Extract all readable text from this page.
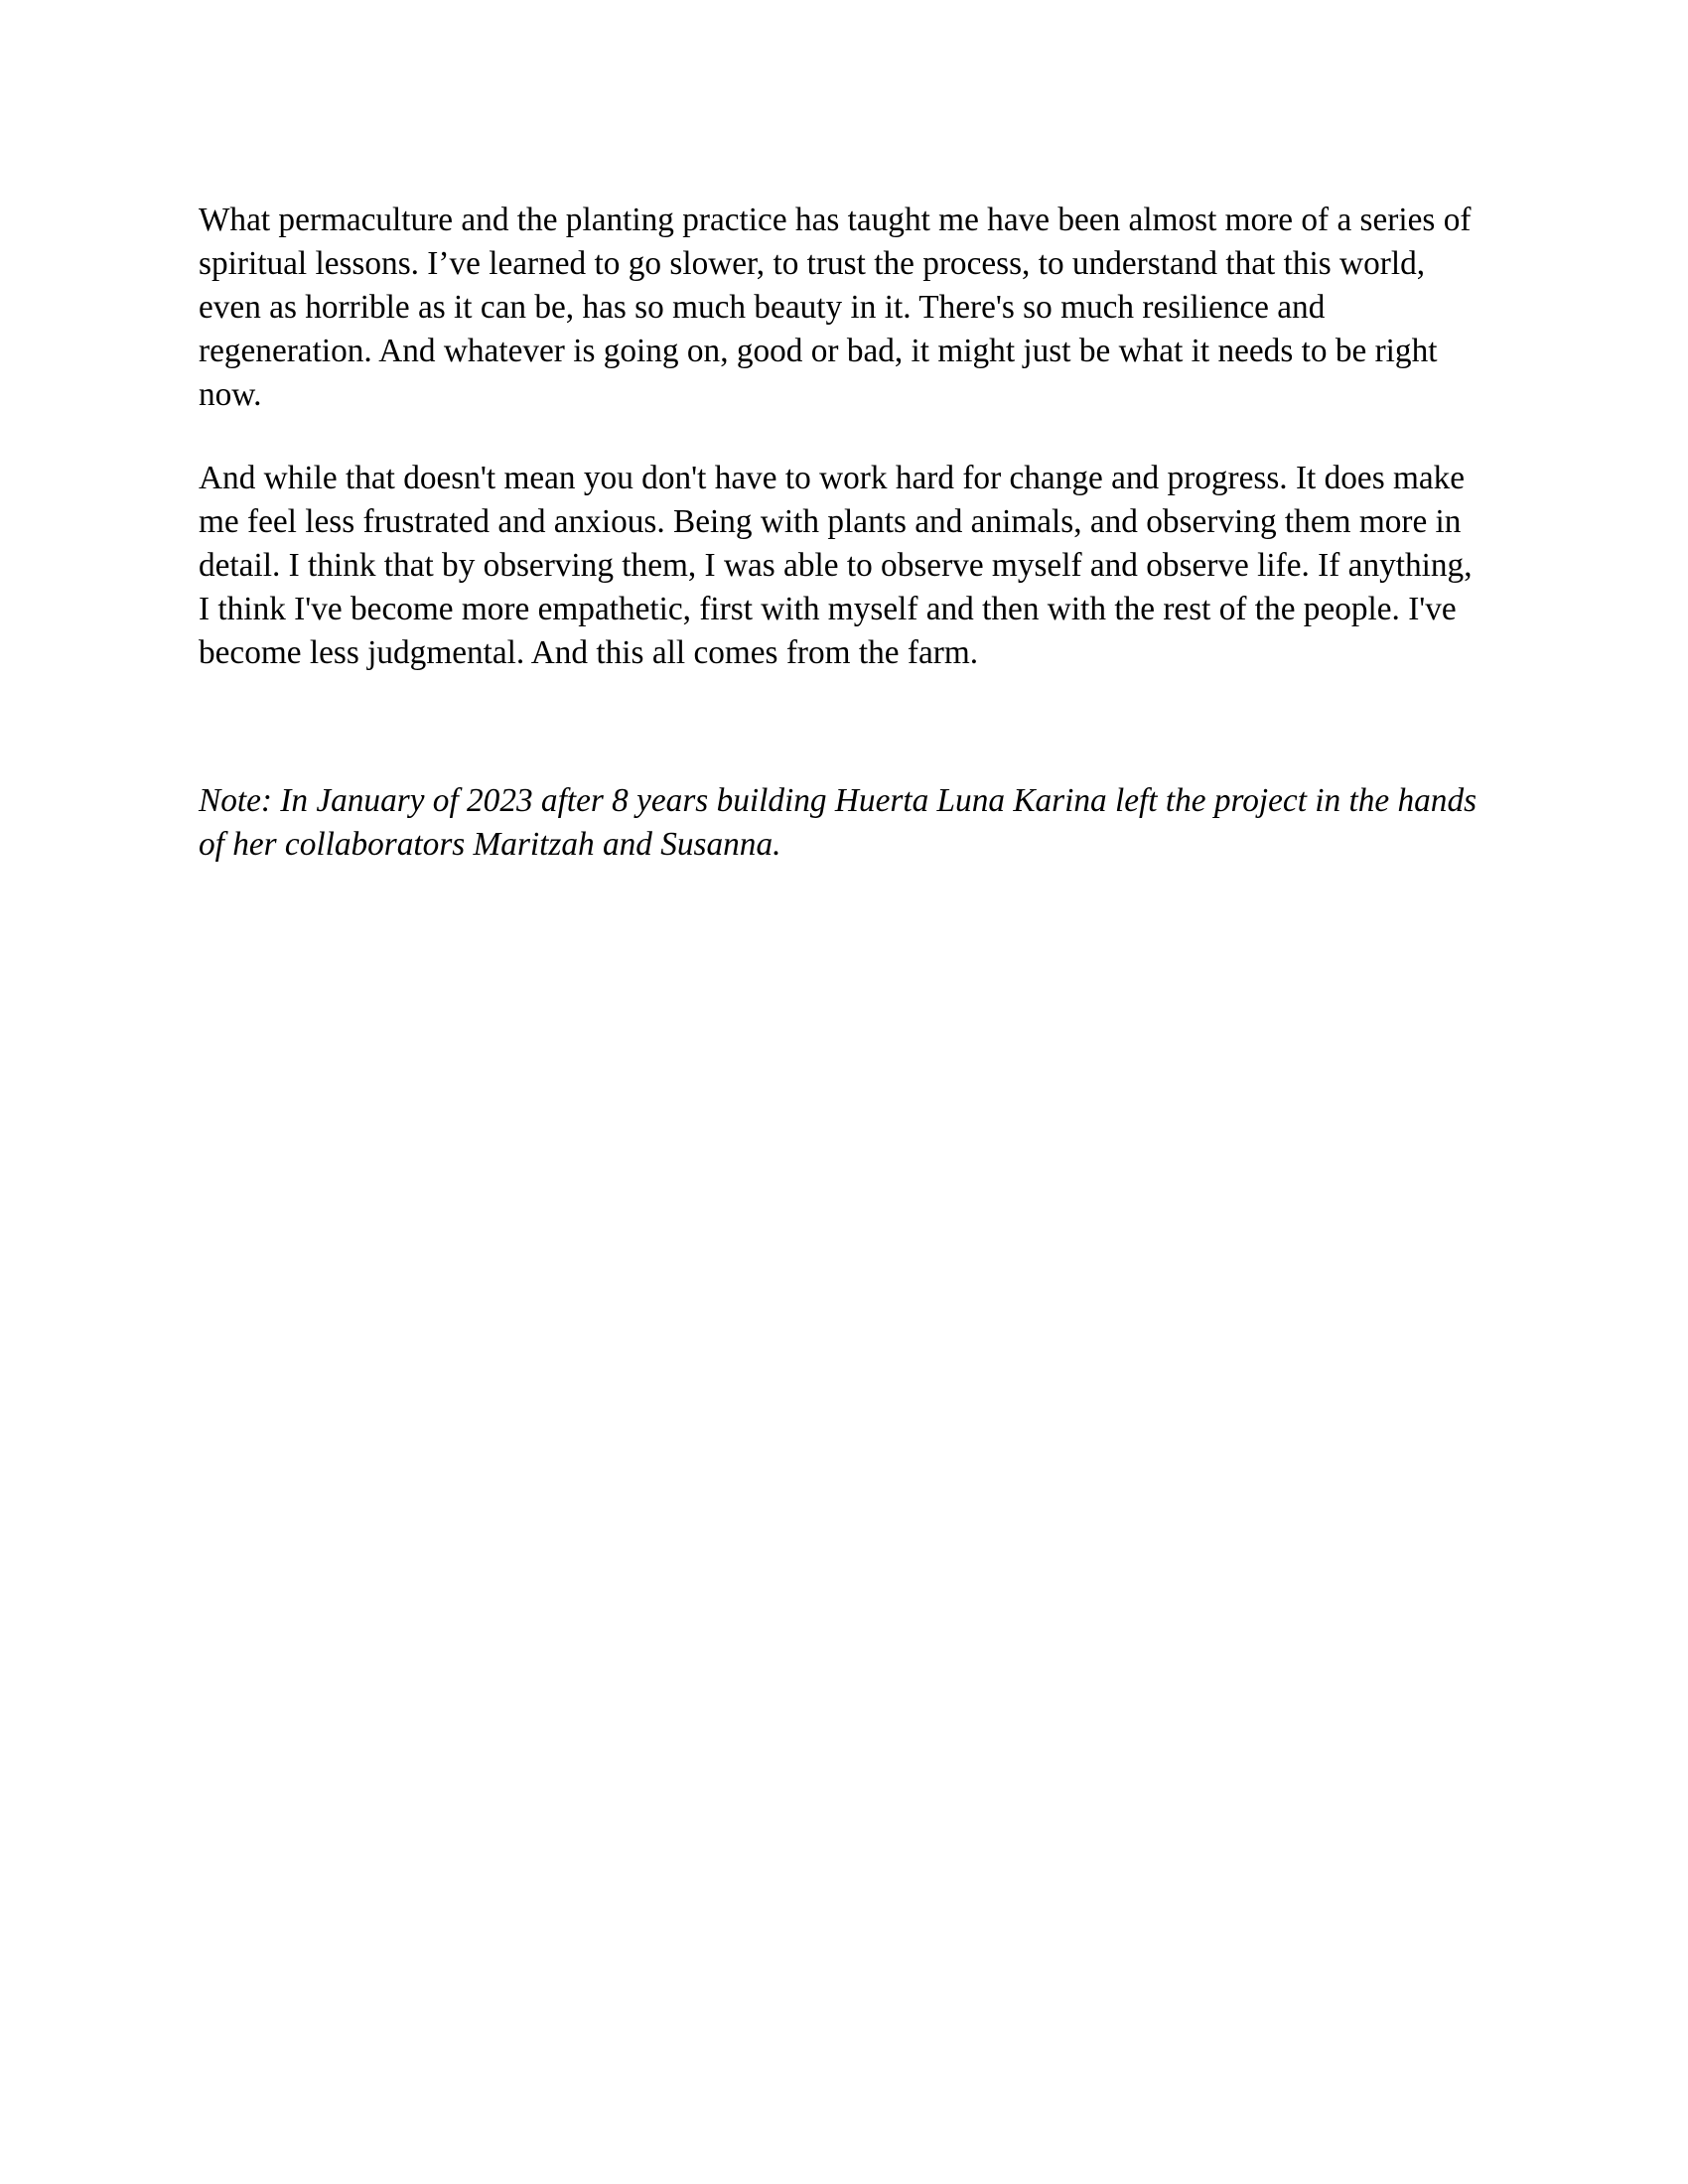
What permaculture and the planting practice has taught me have been almost more of a series of
spiritual lessons. I’ve learned to go slower, to trust the process, to understand that this world,
even as horrible as it can be, has so much beauty in it. There's so much resilience and
regeneration. And whatever is going on, good or bad, it might just be what it needs to be right
now.
And while that doesn't mean you don't have to work hard for change and progress. It does make
me feel less frustrated and anxious. Being with plants and animals, and observing them more in
detail. I think that by observing them, I was able to observe myself and observe life. If anything,
I think I've become more empathetic, first with myself and then with the rest of the people. I've
become less judgmental. And this all comes from the farm.
Note: In January of 2023 after 8 years building Huerta Luna Karina left the project in the hands
of her collaborators Maritzah and Susanna.
